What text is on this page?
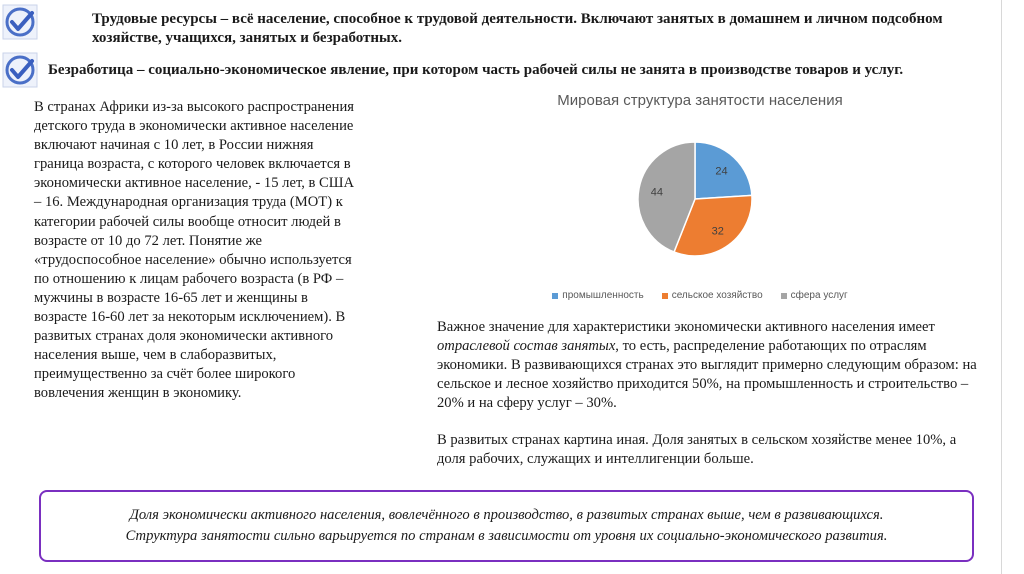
Трудовые ресурсы – всё население, способное к трудовой деятельности. Включают занятых в домашнем и личном подсобном хозяйстве, учащихся, занятых и безработных.
Безработица – социально-экономическое явление, при котором часть рабочей силы не занята в производстве товаров и услуг.
В странах Африки из-за высокого распространения детского труда в экономически активное население включают начиная с 10 лет, в России нижняя граница возраста, с которого человек включается в экономически активное население, - 15 лет, в США – 16. Международная организация труда (МОТ) к категории рабочей силы вообще относит людей в возрасте от 10 до 72 лет. Понятие же «трудоспособное население» обычно используется по отношению к лицам рабочего возраста (в РФ – мужчины в возрасте 16-65 лет и женщины в возрасте 16-60 лет за некоторым исключением). В развитых странах доля экономически активного населения выше, чем в слаборазвитых, преимущественно за счёт более широкого вовлечения женщин в экономику.
Мировая структура занятости населения
24
32
44
промышленность	сельское хозяйство	сфера услуг
Важное значение для характеристики экономически активного населения имеет отраслевой состав занятых, то есть, распределение работающих по отраслям экономики. В развивающихся странах это выглядит примерно следующим образом: на сельское и лесное хозяйство приходится 50%, на промышленность и строительство – 20% и на сферу услуг – 30%.
В развитых странах картина иная. Доля занятых в сельском хозяйстве менее 10%, а доля рабочих, служащих и интеллигенции больше.
Доля экономически активного населения, вовлечённого в производство, в развитых странах выше, чем в развивающихся.
Структура занятости сильно варьируется по странам в зависимости от уровня их социально-экономического развития.
